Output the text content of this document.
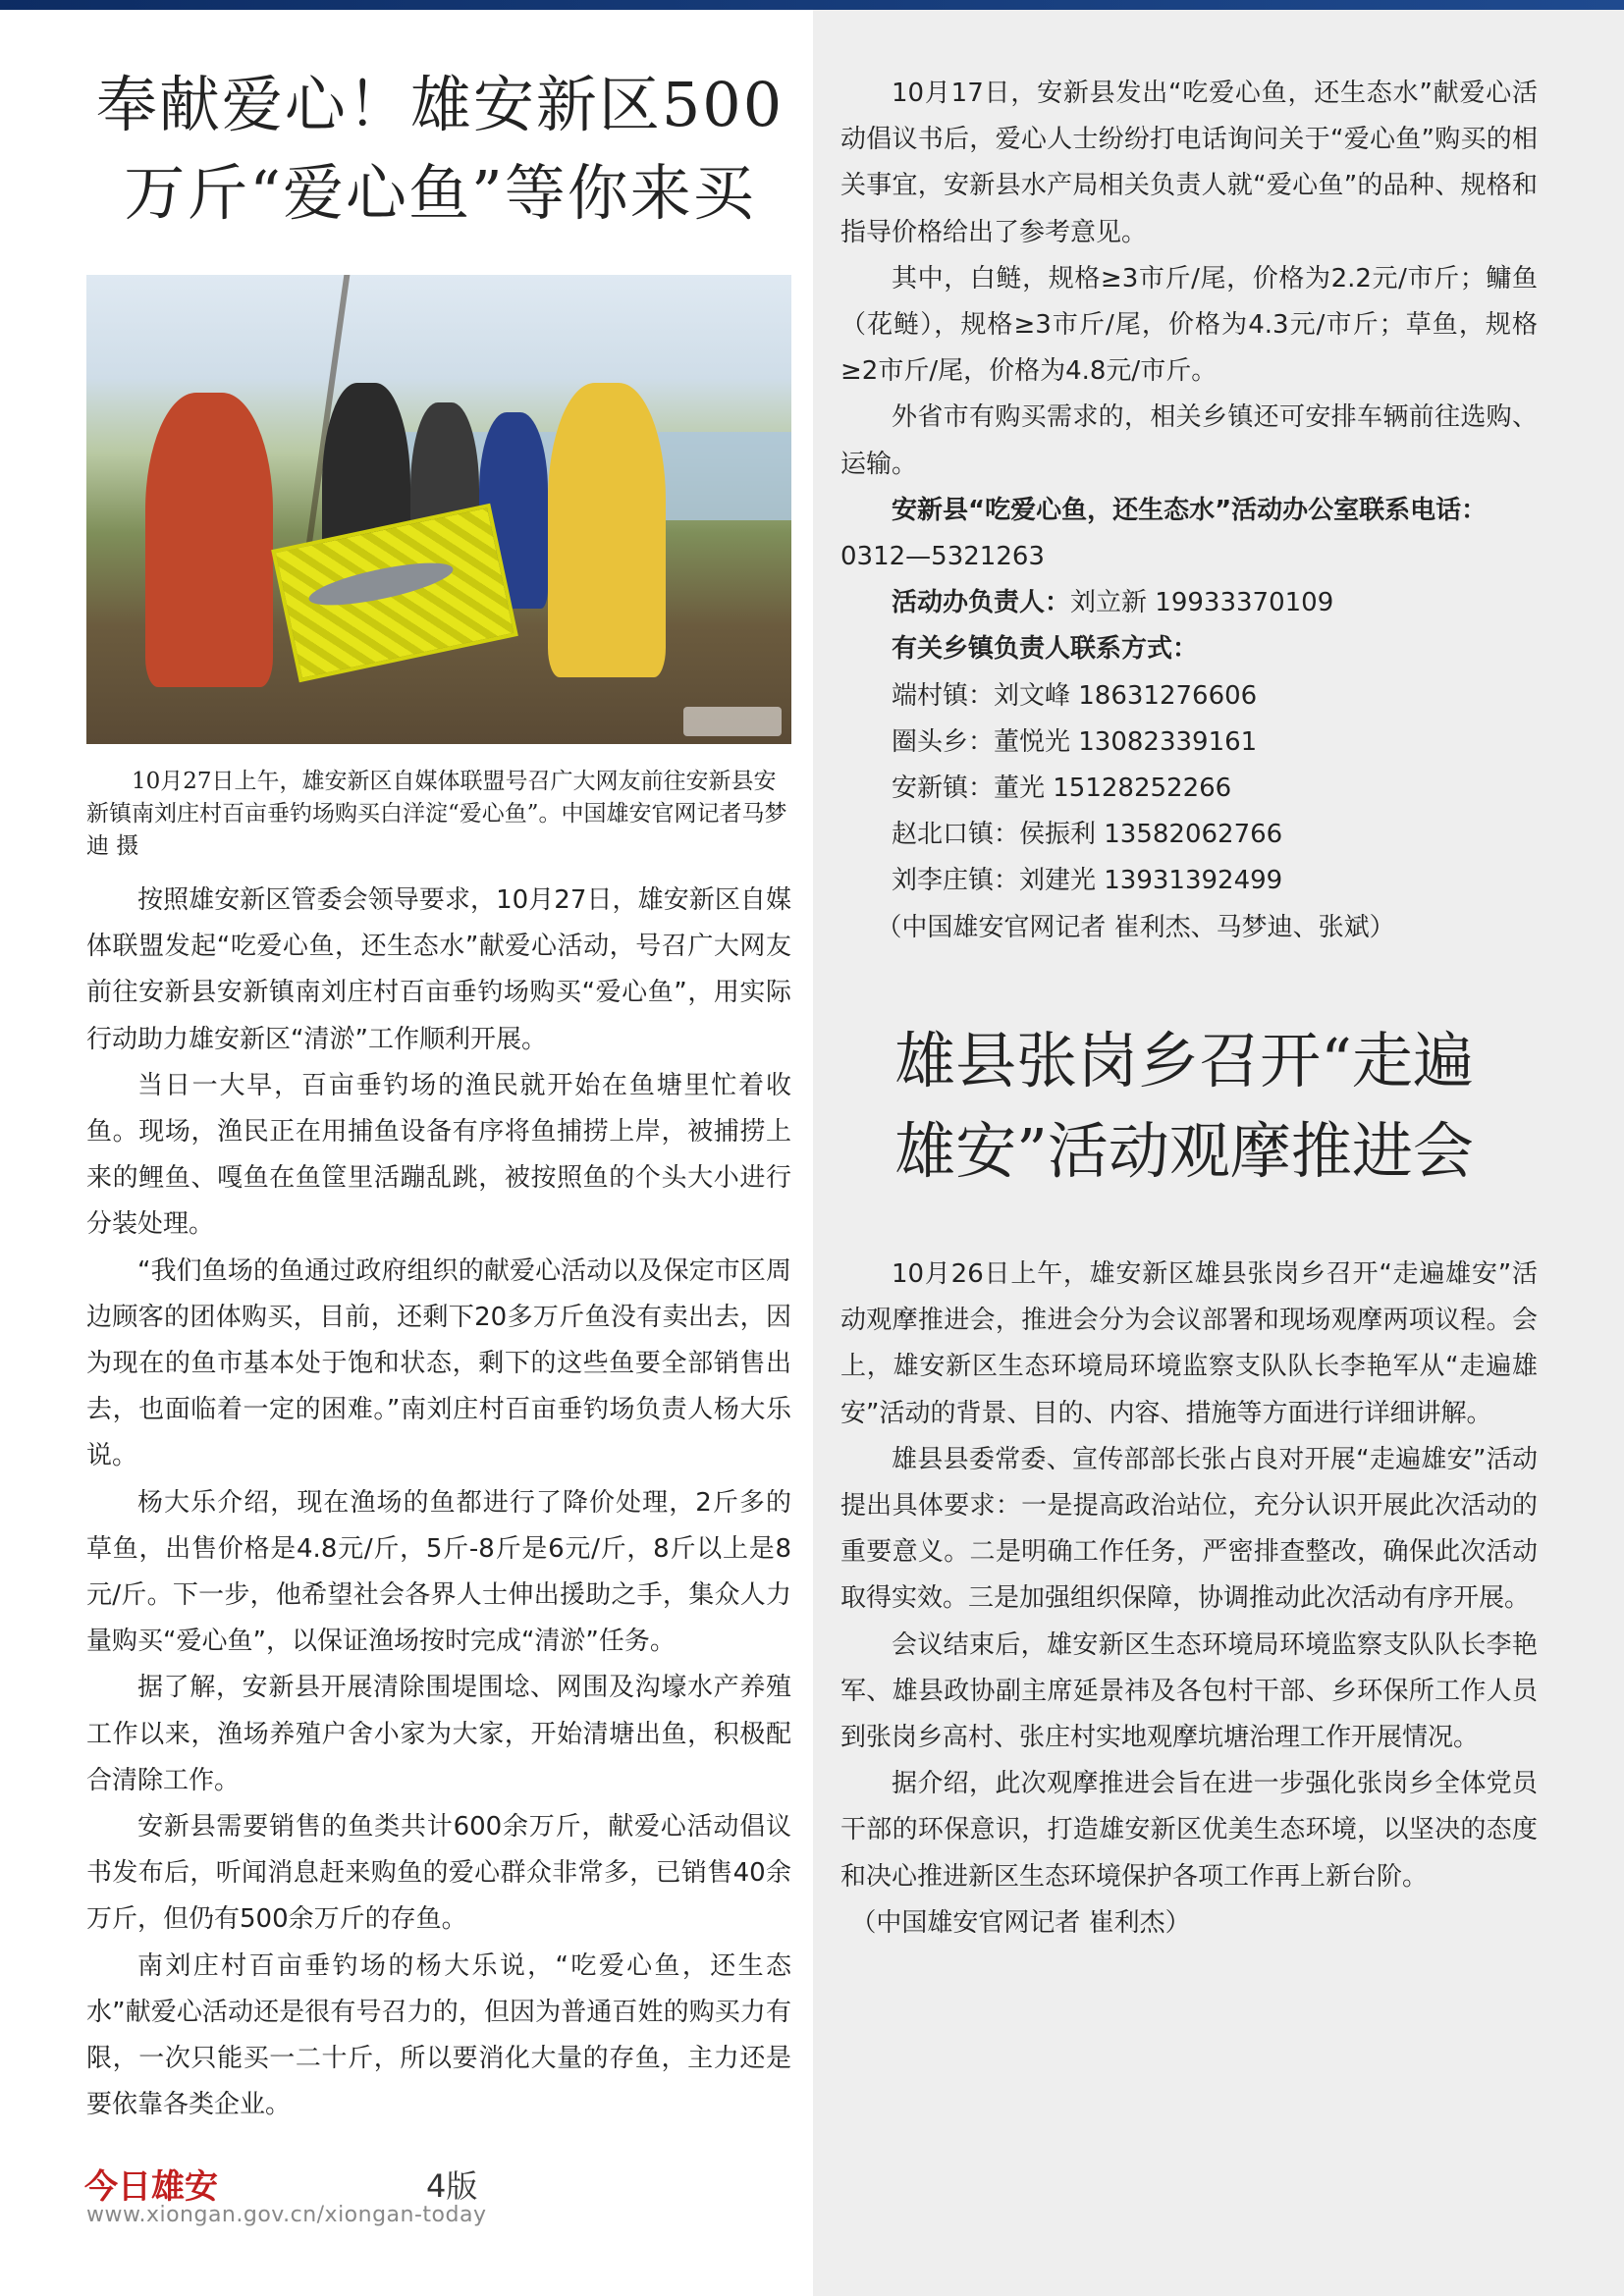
奉献爱心！雄安新区500
万斤“爱心鱼”等你来买

10月27日上午，雄安新区自媒体联盟号召广大网友前往安新县安新镇南刘庄村百亩垂钓场购买白洋淀“爱心鱼”。中国雄安官网记者马梦迪 摄

按照雄安新区管委会领导要求，10月27日，雄安新区自媒体联盟发起“吃爱心鱼，还生态水”献爱心活动，号召广大网友前往安新县安新镇南刘庄村百亩垂钓场购买“爱心鱼”，用实际行动助力雄安新区“清淤”工作顺利开展。

当日一大早，百亩垂钓场的渔民就开始在鱼塘里忙着收鱼。现场，渔民正在用捕鱼设备有序将鱼捕捞上岸，被捕捞上来的鲤鱼、嘎鱼在鱼筐里活蹦乱跳，被按照鱼的个头大小进行分装处理。

“我们鱼场的鱼通过政府组织的献爱心活动以及保定市区周边顾客的团体购买，目前，还剩下20多万斤鱼没有卖出去，因为现在的鱼市基本处于饱和状态，剩下的这些鱼要全部销售出去，也面临着一定的困难。”南刘庄村百亩垂钓场负责人杨大乐说。

杨大乐介绍，现在渔场的鱼都进行了降价处理，2斤多的草鱼，出售价格是4.8元/斤，5斤-8斤是6元/斤，8斤以上是8元/斤。下一步，他希望社会各界人士伸出援助之手，集众人力量购买“爱心鱼”，以保证渔场按时完成“清淤”任务。

据了解，安新县开展清除围堤围埝、网围及沟壕水产养殖工作以来，渔场养殖户舍小家为大家，开始清塘出鱼，积极配合清除工作。

安新县需要销售的鱼类共计600余万斤，献爱心活动倡议书发布后，听闻消息赶来购鱼的爱心群众非常多，已销售40余万斤，但仍有500余万斤的存鱼。

南刘庄村百亩垂钓场的杨大乐说，“吃爱心鱼，还生态水”献爱心活动还是很有号召力的，但因为普通百姓的购买力有限，一次只能买一二十斤，所以要消化大量的存鱼，主力还是要依靠各类企业。

10月17日，安新县发出“吃爱心鱼，还生态水”献爱心活动倡议书后，爱心人士纷纷打电话询问关于“爱心鱼”购买的相关事宜，安新县水产局相关负责人就“爱心鱼”的品种、规格和指导价格给出了参考意见。

其中，白鲢，规格≥3市斤/尾，价格为2.2元/市斤；鳙鱼（花鲢），规格≥3市斤/尾，价格为4.3元/市斤；草鱼，规格≥2市斤/尾，价格为4.8元/市斤。

外省市有购买需求的，相关乡镇还可安排车辆前往选购、运输。

安新县“吃爱心鱼，还生态水”活动办公室联系电话：

0312—5321263

活动办负责人：刘立新 19933370109

有关乡镇负责人联系方式：

端村镇：刘文峰 18631276606

圈头乡：董悦光 13082339161

安新镇：董光 15128252266

赵北口镇：侯振利 13582062766

刘李庄镇：刘建光 13931392499

（中国雄安官网记者 崔利杰、马梦迪、张斌）

雄县张岗乡召开“走遍
雄安”活动观摩推进会

10月26日上午，雄安新区雄县张岗乡召开“走遍雄安”活动观摩推进会，推进会分为会议部署和现场观摩两项议程。会上，雄安新区生态环境局环境监察支队队长李艳军从“走遍雄安”活动的背景、目的、内容、措施等方面进行详细讲解。

雄县县委常委、宣传部部长张占良对开展“走遍雄安”活动提出具体要求：一是提高政治站位，充分认识开展此次活动的重要意义。二是明确工作任务，严密排查整改，确保此次活动取得实效。三是加强组织保障，协调推动此次活动有序开展。

会议结束后，雄安新区生态环境局环境监察支队队长李艳军、雄县政协副主席延景祎及各包村干部、乡环保所工作人员到张岗乡高村、张庄村实地观摩坑塘治理工作开展情况。

据介绍，此次观摩推进会旨在进一步强化张岗乡全体党员干部的环保意识，打造雄安新区优美生态环境，以坚决的态度和决心推进新区生态环境保护各项工作再上新台阶。

（中国雄安官网记者 崔利杰）

今日雄安	4版
www.xiongan.gov.cn/xiongan-today
